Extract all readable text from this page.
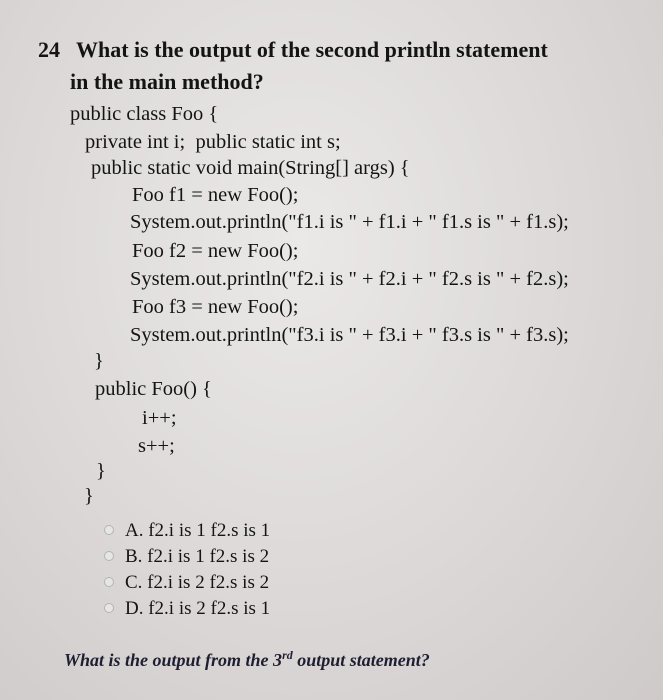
24 What is the output of the second println statement
in the main method?
public class Foo {
private int i;  public static int s;
public static void main(String[] args) {
Foo f1 = new Foo();
System.out.println("f1.i is " + f1.i + " f1.s is " + f1.s);
Foo f2 = new Foo();
System.out.println("f2.i is " + f2.i + " f2.s is " + f2.s);
Foo f3 = new Foo();
System.out.println("f3.i is " + f3.i + " f3.s is " + f3.s);
}
public Foo() {
i++;
s++;
}
}
A. f2.i is 1 f2.s is 1
B. f2.i is 1 f2.s is 2
C. f2.i is 2 f2.s is 2
D. f2.i is 2 f2.s is 1
What is the output from the 3rd output statement?
